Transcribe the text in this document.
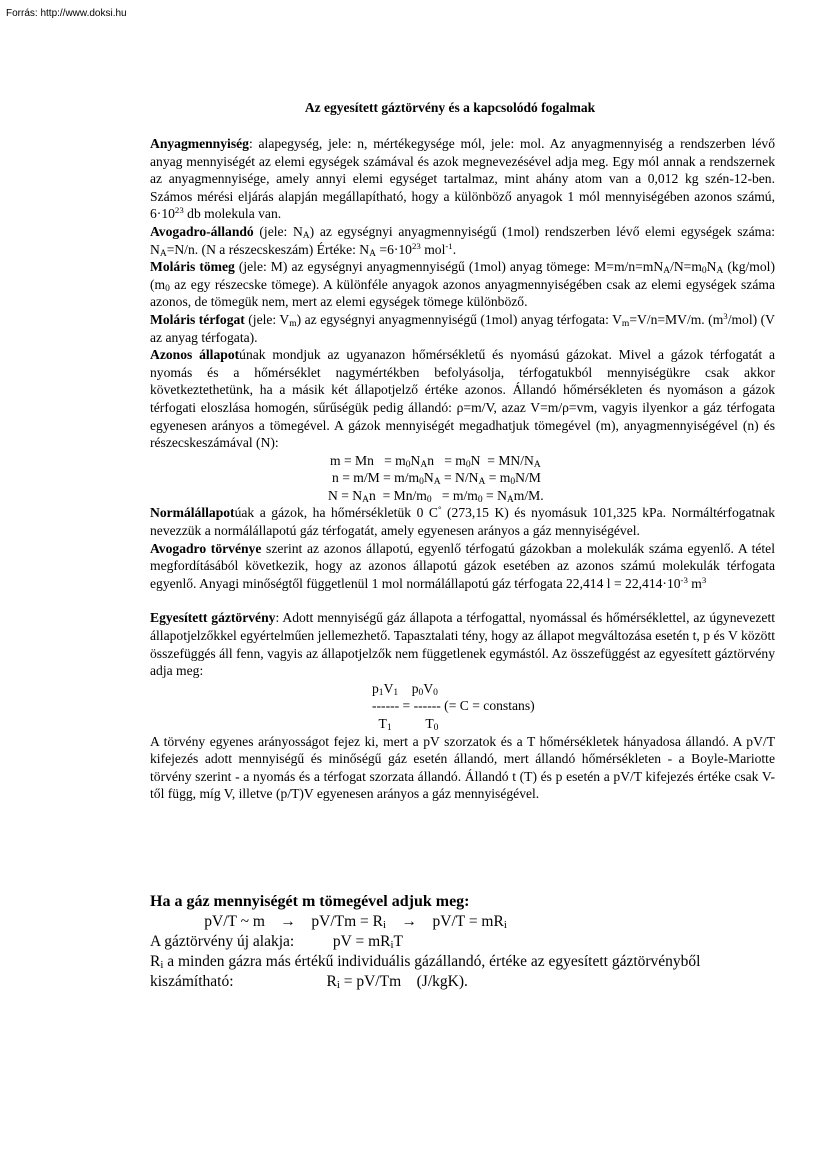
Forrás: http://www.doksi.hu
Az egyesített gáztörvény és a kapcsolódó fogalmak

Anyagmennyiség: alapegység, jele: n, mértékegysége mól, jele: mol. Az anyagmennyiség a rendszerben lévő anyag mennyiségét az elemi egységek számával és azok megnevezésével adja meg. Egy mól annak a rendszernek az anyagmennyisége, amely annyi elemi egységet tartalmaz, mint ahány atom van a 0,012 kg szén-12-ben. Számos mérési eljárás alapján megállapítható, hogy a különböző anyagok 1 mól mennyiségében azonos számú, $6\cdot 10^{23}$ db molekula van.

Avogadro-állandó (jele: $N_A$) az egységnyi anyagmennyiségű (1mol) rendszerben lévő elemi egységek száma: $N_A=N/n$. (N a részecskeszám) Értéke: $N_A =6\cdot 10^{23}$ mol$^{-1}$.

Moláris tömeg (jele: M) az egységnyi anyagmennyiségű (1mol) anyag tömege: $M=m/n=mN_A/N=m_0N_A$ (kg/mol) ($m_0$ az egy részecske tömege). A különféle anyagok azonos anyagmennyiségében csak az elemi egységek száma azonos, de tömegük nem, mert az elemi egységek tömege különböző.

Moláris térfogat (jele: $V_m$) az egységnyi anyagmennyiségű (1mol) anyag térfogata: $V_m=V/n=MV/m$. $(m^3/mol)$ (V az anyag térfogata).

Azonos állapotúnak mondjuk az ugyanazon hőmérsékletű és nyomású gázokat. Mivel a gázok térfogatát a nyomás és a hőmérséklet nagymértékben befolyásolja, térfogatukból mennyiségükre csak akkor következtethetünk, ha a másik két állapotjelző értéke azonos. Állandó hőmérsékleten és nyomáson a gázok térfogati eloszlása homogén, sűrűségük pedig állandó: ρ=m/V, azaz V=m/ρ=vm, vagyis ilyenkor a gáz térfogata egyenesen arányos a tömegével. A gázok mennyiségét megadhatjuk tömegével (m), anyagmennyiségével (n) és részecskeszámával (N):

$m = Mn = m_0N_An = m_0N = MN/N_A$

$n = m/M = m/m_0N_A = N/N_A = m_0N/M$

$N = N_An = Mn/m_0 = m/m_0 = N_Am/M$.

Normálállapotúak a gázok, ha hőmérsékletük 0 C° (273,15 K) és nyomásuk 101,325 kPa. Normáltérfogatnak nevezzük a normálállapotú gáz térfogatát, amely egyenesen arányos a gáz mennyiségével.

Avogadro törvénye szerint az azonos állapotú, egyenlő térfogatú gázokban a molekulák száma egyenlő. A tétel megfordításából következik, hogy az azonos állapotú gázok esetében az azonos számú molekulák térfogata egyenlő. Anyagi minőségtől függetlenül 1 mol normálállapotú gáz térfogata 22,414 $l = 22,414\cdot 10^{-3}$ $m^3$

Egyesített gáztörvény: Adott mennyiségű gáz állapota a térfogattal, nyomással és hőmérséklettel, az úgynevezett állapotjelzőkkel egyértelműen jellemezhető. Tapasztalati tény, hogy az állapot megváltozása esetén t, p és V között összefüggés áll fenn, vagyis az állapotjelzők nem függetlenek egymástól. Az összefüggést az egyesített gáztörvény adja meg:

$p_1V_1$    $p_0V_0$

------ = ------ (= C = constans)

$T_1$          $T_0$

A törvény egyenes arányosságot fejez ki, mert a pV szorzatok és a T hőmérsékletek hányadosa állandó. A pV/T kifejezés adott mennyiségű és minőségű gáz esetén állandó, mert állandó hőmérsékleten - a Boyle-Mariotte törvény szerint - a nyomás és a térfogat szorzata állandó. Állandó t (T) és p esetén a pV/T kifejezés értéke csak V-től függ, míg V, illetve (p/T)V egyenesen arányos a gáz mennyiségével.

Ha a gáz mennyiségét m tömegével adjuk meg:
pV/T ~ m    →    $pV/Tm = R_i$    →    $pV/T = mR_i$
A gáztörvény új alakja:          pV = $mR_iT$
$R_i$ a minden gázra más értékű individuális gázállandó, értéke az egyesített gáztörvényből
kiszámítható:                        $R_i = pV/Tm$    (J/kgK).
